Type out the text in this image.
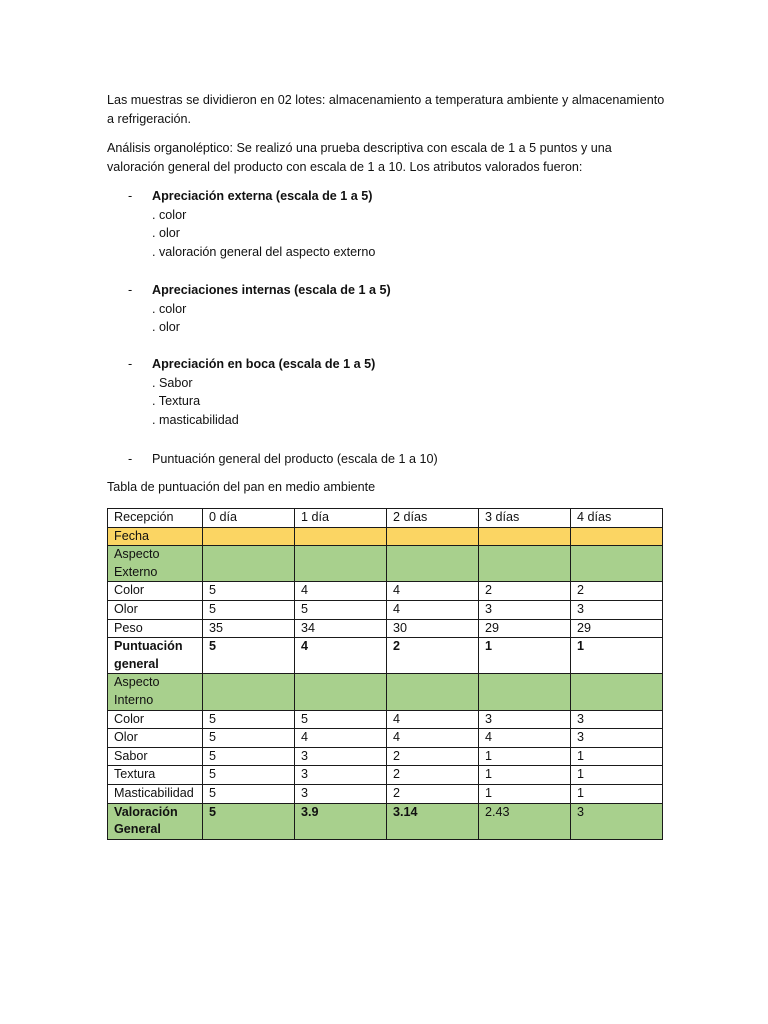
Las muestras se dividieron en 02 lotes: almacenamiento a temperatura ambiente y almacenamiento a refrigeración.
Análisis organoléptico: Se realizó una prueba descriptiva con escala de 1 a 5 puntos y una valoración general del producto con escala de 1 a 10. Los atributos valorados fueron:
- Apreciación externa (escala de 1 a 5)
. color
. olor
. valoración general del aspecto externo
- Apreciaciones internas (escala de 1 a 5)
. color
. olor
- Apreciación en boca (escala de 1 a 5)
. Sabor
. Textura
. masticabilidad
- Puntuación general del producto (escala de 1 a 10)
Tabla de puntuación del pan en medio ambiente
Recepción	0 día	1 día	2 días	3 días	4 días
Fecha					
Aspecto Externo					
Color	5	4	4	2	2
Olor	5	5	4	3	3
Peso	35	34	30	29	29
Puntuación general	5	4	2	1	1
Aspecto Interno					
Color	5	5	4	3	3
Olor	5	4	4	4	3
Sabor	5	3	2	1	1
Textura	5	3	2	1	1
Masticabilidad	5	3	2	1	1
Valoración General	5	3.9	3.14	2.43	3
